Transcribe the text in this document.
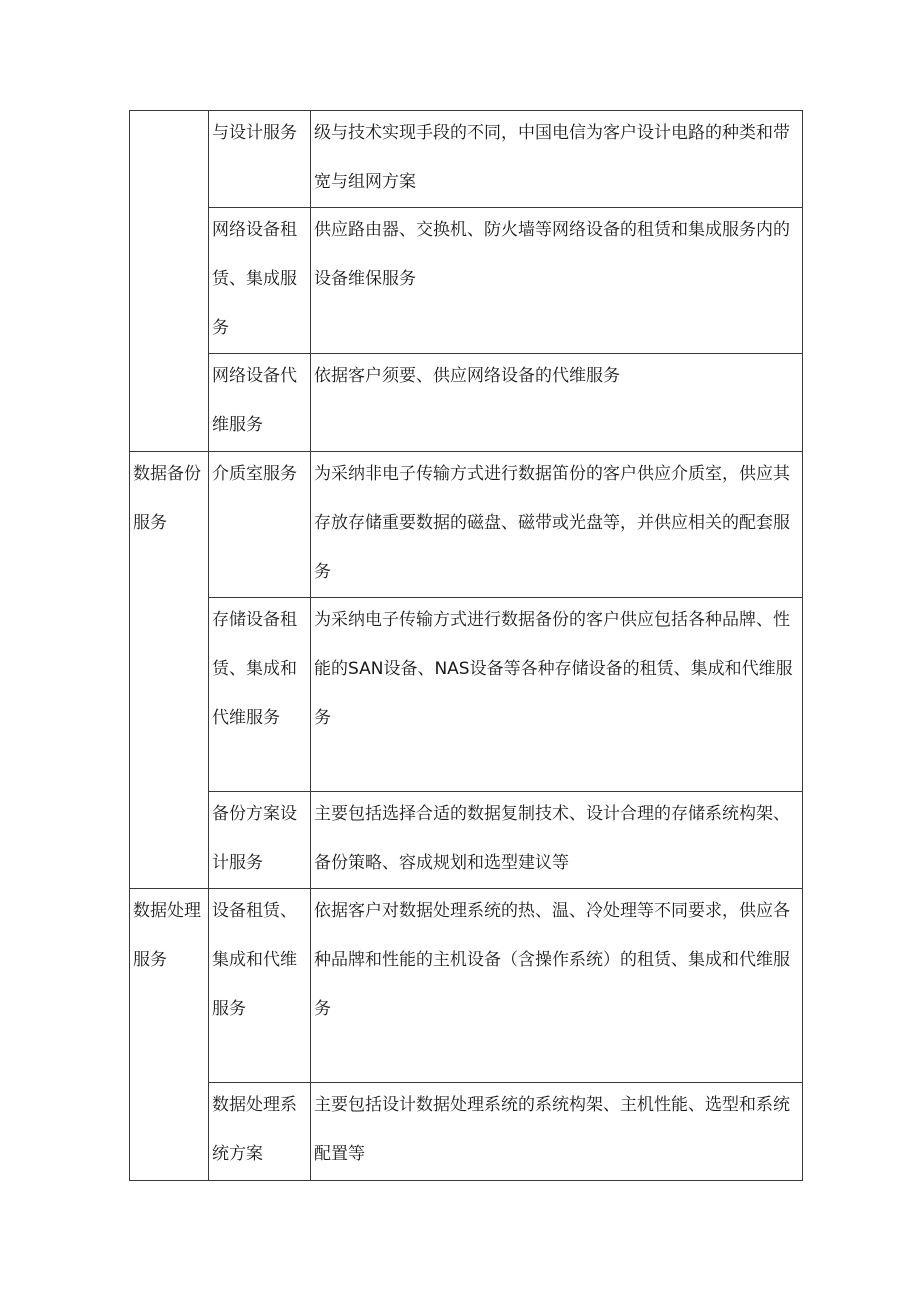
	与设计服务	级与技术实现手段的不同，中国电信为客户设计电路的种类和带宽与组网方案

	网络设备租赁、集成服务	供应路由器、交换机、防火墙等网络设备的租赁和集成服务内的设备维保服务

	网络设备代维服务	依据客户须要、供应网络设备的代维服务

数据备份服务	介质室服务	为采纳非电子传输方式进行数据笛份的客户供应介质室，供应其存放存储重要数据的磁盘、磁带或光盘等，并供应相关的配套服务

	存储设备租赁、集成和代维服务	为采纳电子传输方式进行数据备份的客户供应包括各种品牌、性能的SAN设备、NAS设备等各种存储设备的租赁、集成和代维服务

	备份方案设计服务	主要包括选择合适的数据复制技术、设计合理的存储系统构架、备份策略、容成规划和选型建议等

数据处理服务	设备租赁、集成和代维服务	依据客户对数据处理系统的热、温、冷处理等不同要求，供应各种品牌和性能的主机设备（含操作系统）的租赁、集成和代维服务

	数据处理系统方案	主要包括设计数据处理系统的系统构架、主机性能、选型和系统配置等
